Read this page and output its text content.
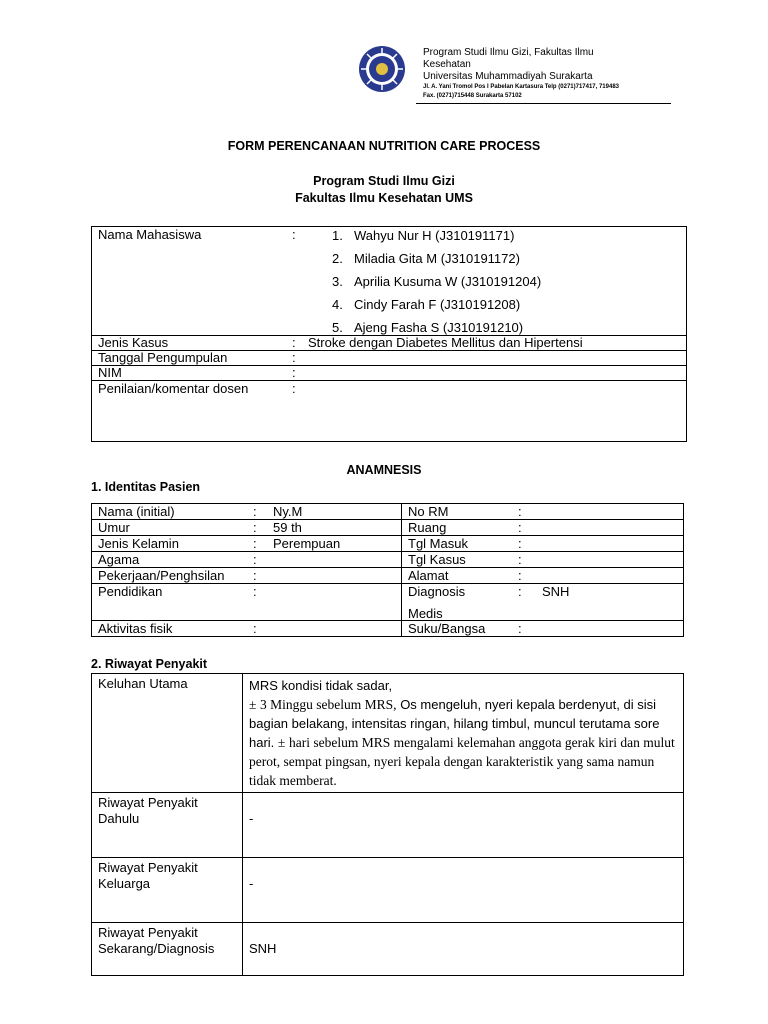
Program Studi Ilmu Gizi, Fakultas Ilmu
Kesehatan
Universitas Muhammadiyah Surakarta
Jl. A. Yani Tromol Pos I Pabelan Kartasura Telp (0271)717417, 719483
Fax. (0271)715448 Surakarta 57102
FORM PERENCANAAN NUTRITION CARE PROCESS
Program Studi Ilmu Gizi
Fakultas Ilmu Kesehatan UMS
Nama Mahasiswa	:	1. Wahyu Nur H (J310191171)
2. Miladia Gita M (J310191172)
3. Aprilia Kusuma W (J310191204)
4. Cindy Farah F (J310191208)
5. Ajeng Fasha S (J310191210)

Jenis Kasus	: Stroke dengan Diabetes Mellitus dan Hipertensi
Tanggal Pengumpulan	:
NIM	:
Penilaian/komentar dosen	:
ANAMNESIS
1. Identitas Pasien
Nama (initial) : Ny.M	No RM :
Umur : 59 th	Ruang :
Jenis Kelamin : Perempuan	Tgl Masuk :
Agama :	Tgl Kasus :
Pekerjaan/Penghsilan :	Alamat :
Pendidikan :	Diagnosis : SNH
Medis

Aktivitas fisik :	Suku/Bangsa :
2. Riwayat Penyakit
Keluhan Utama	MRS kondisi tidak sadar,
± 3 Minggu sebelum MRS, Os mengeluh, nyeri kepala berdenyut, di sisi bagian belakang, intensitas ringan, hilang timbul, muncul terutama sore hari. ± hari sebelum MRS mengalami kelemahan anggota gerak kiri dan mulut perot, sempat pingsan, nyeri kepala dengan karakteristik yang sama namun tidak memberat.

Riwayat Penyakit
Dahulu	-

Riwayat Penyakit
Keluarga	-

Riwayat Penyakit
Sekarang/Diagnosis	SNH
